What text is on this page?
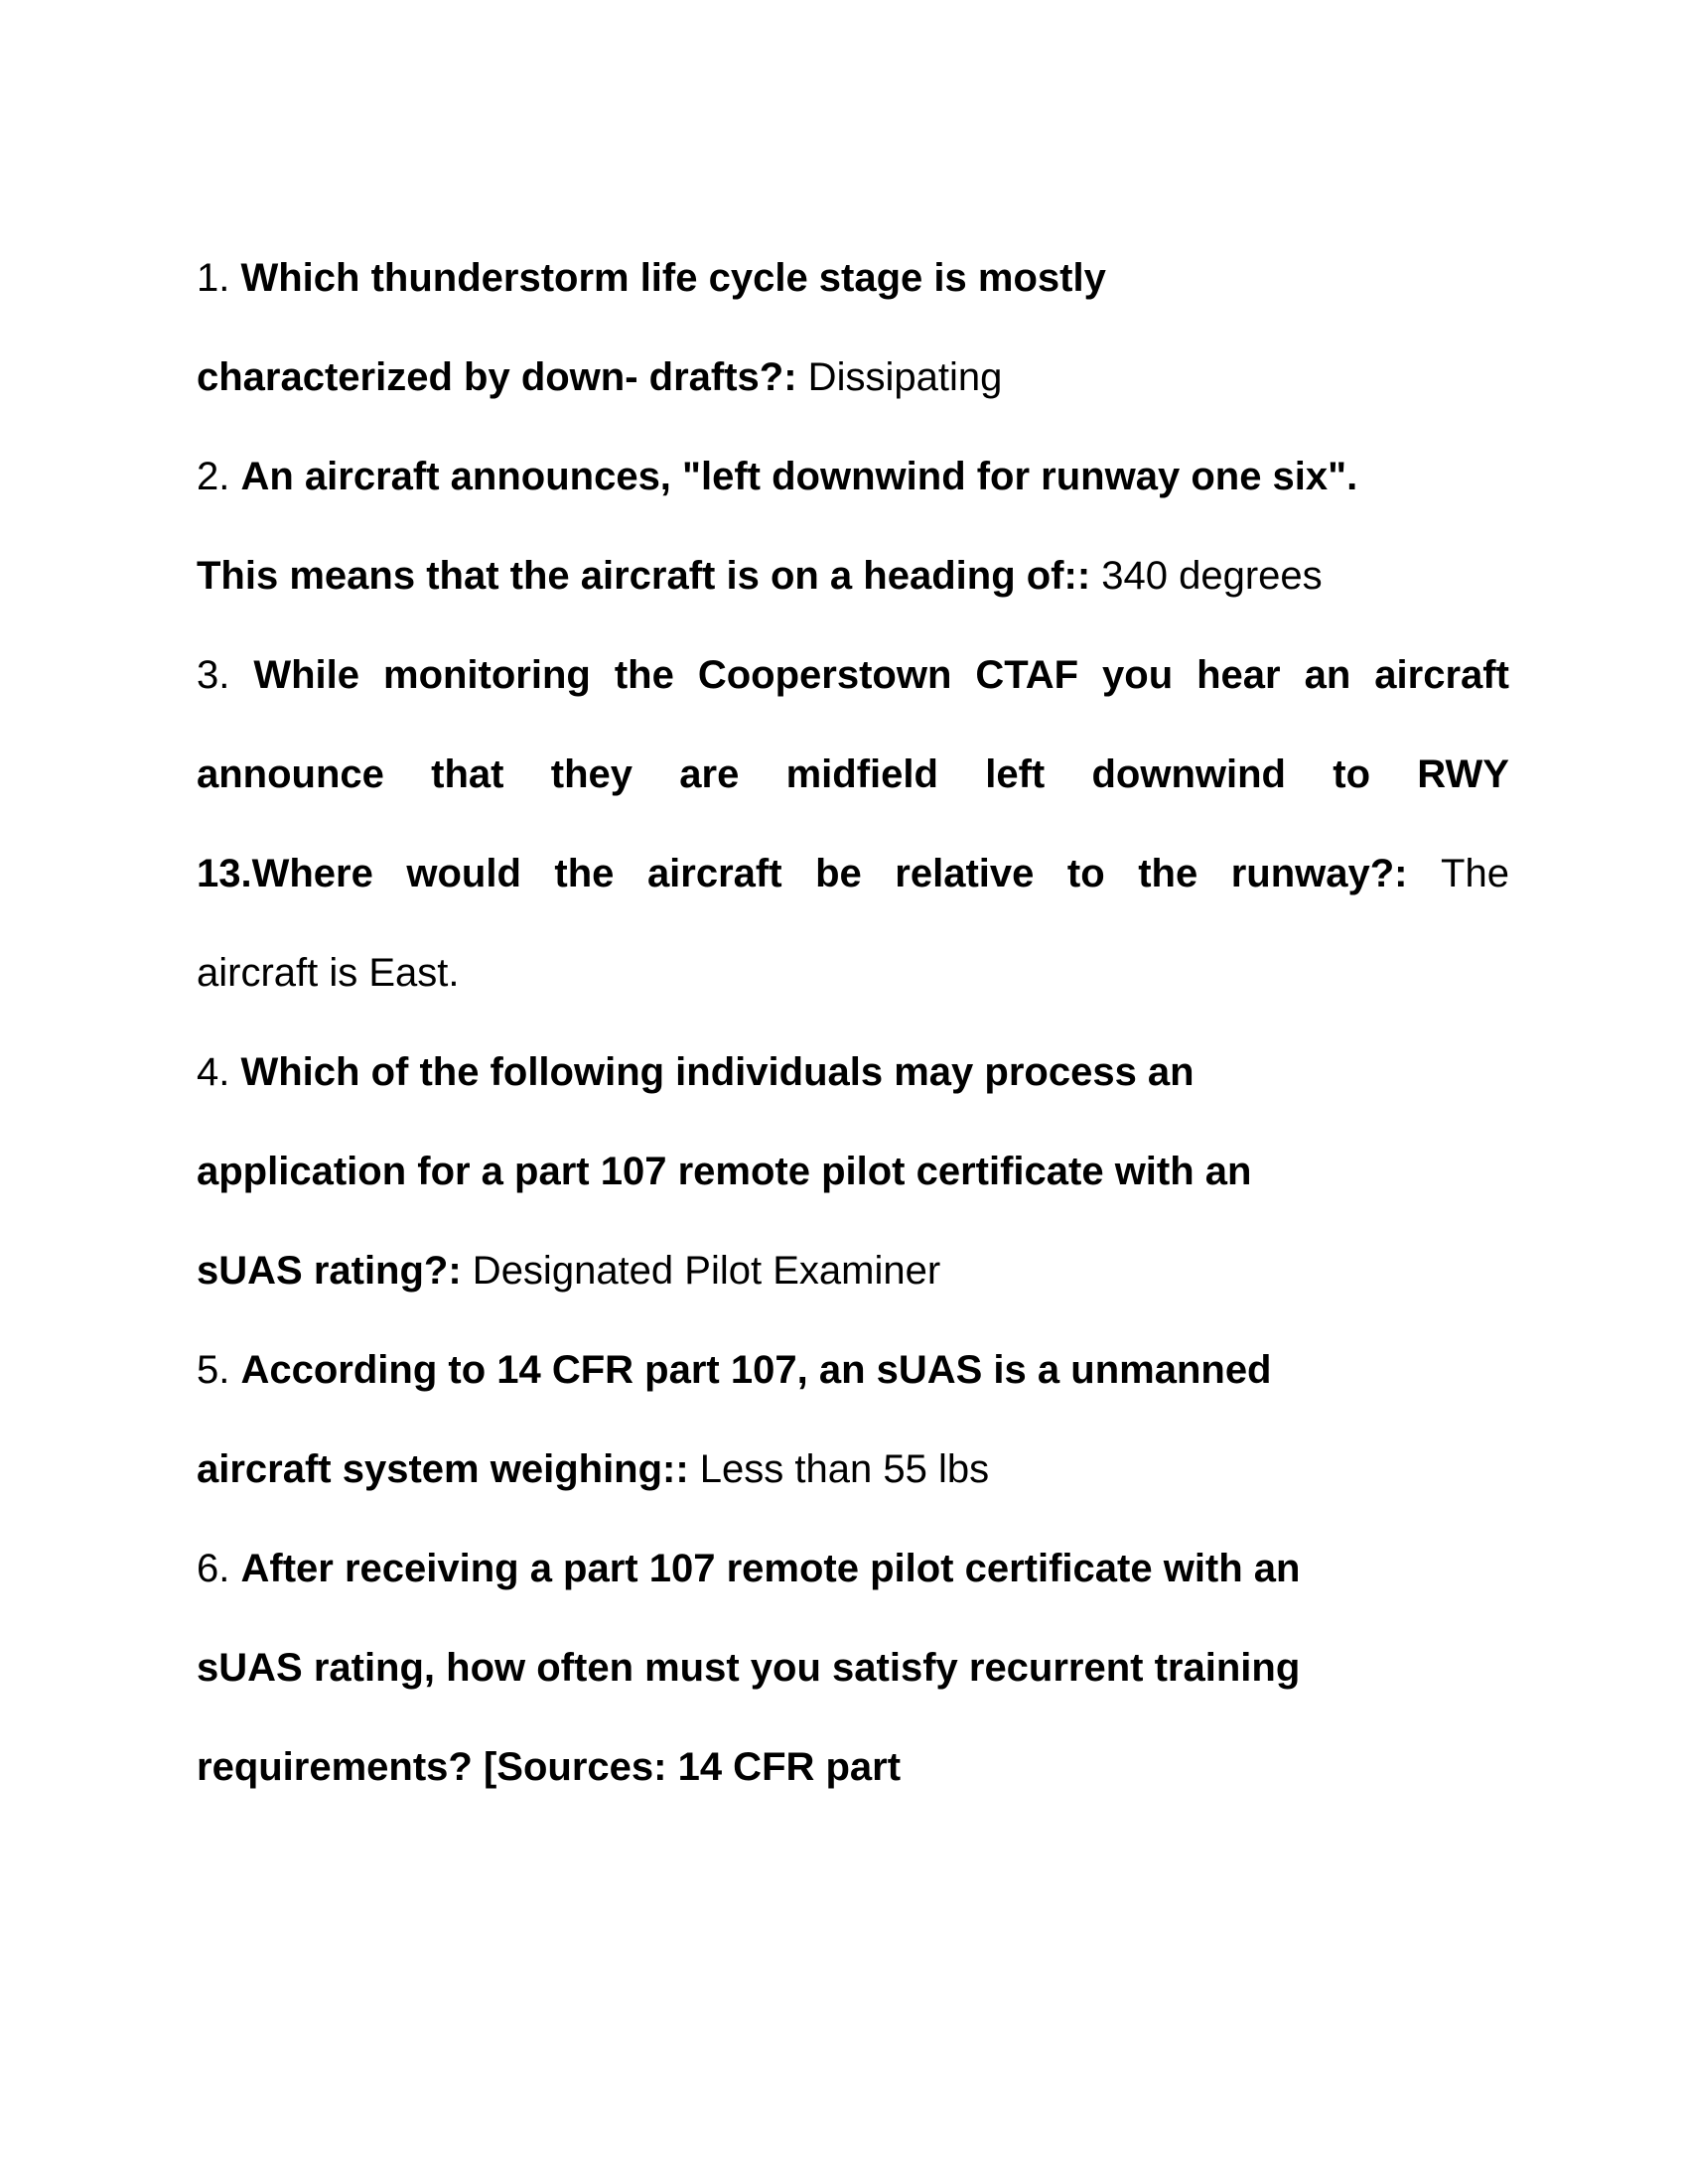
1. Which thunderstorm life cycle stage is mostly
characterized by down- drafts?: Dissipating
2. An aircraft announces, "left downwind for runway one six".
This means that the aircraft is on a heading of:: 340 degrees
3. While monitoring the Cooperstown CTAF you hear an aircraft
announce that they are midfield left downwind to RWY
13.Where would the aircraft be relative to the runway?: The
aircraft is East.
4. Which of the following individuals may process an
application for a part 107 remote pilot certificate with an
sUAS rating?: Designated Pilot Examiner
5. According to 14 CFR part 107, an sUAS is a unmanned
aircraft system weighing:: Less than 55 lbs
6. After receiving a part 107 remote pilot certificate with an
sUAS rating, how often must you satisfy recurrent training
requirements? [Sources: 14 CFR part
